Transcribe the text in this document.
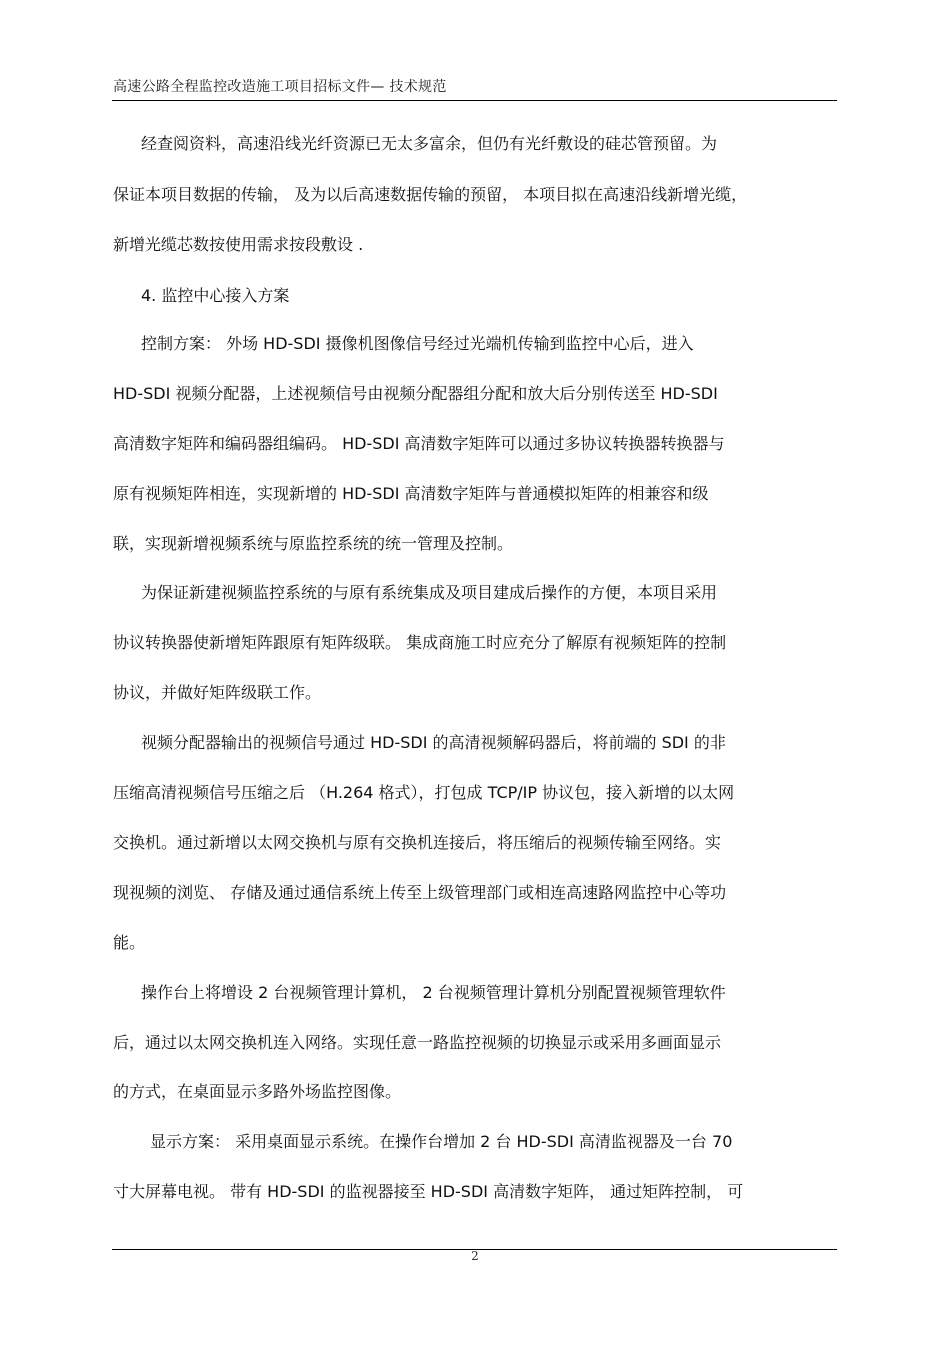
高速公路全程监控改造施工项目招标文件— 技术规范
经查阅资料，高速沿线光纤资源已无太多富余，但仍有光纤敷设的硅芯管预留。为
保证本项目数据的传输， 及为以后高速数据传输的预留， 本项目拟在高速沿线新增光缆，
新增光缆芯数按使用需求按段敷设 .
4. 监控中心接入方案
控制方案： 外场 HD-SDI 摄像机图像信号经过光端机传输到监控中心后，进入
HD-SDI 视频分配器，上述视频信号由视频分配器组分配和放大后分别传送至 HD-SDI
高清数字矩阵和编码器组编码。 HD-SDI 高清数字矩阵可以通过多协议转换器转换器与
原有视频矩阵相连，实现新增的 HD-SDI 高清数字矩阵与普通模拟矩阵的相兼容和级
联，实现新增视频系统与原监控系统的统一管理及控制。
为保证新建视频监控系统的与原有系统集成及项目建成后操作的方便，本项目采用
协议转换器使新增矩阵跟原有矩阵级联。 集成商施工时应充分了解原有视频矩阵的控制
协议，并做好矩阵级联工作。
视频分配器输出的视频信号通过 HD-SDI 的高清视频解码器后，将前端的 SDI 的非
压缩高清视频信号压缩之后 （H.264 格式），打包成 TCP/IP 协议包，接入新增的以太网
交换机。通过新增以太网交换机与原有交换机连接后，将压缩后的视频传输至网络。实
现视频的浏览、 存储及通过通信系统上传至上级管理部门或相连高速路网监控中心等功
能。
操作台上将增设 2 台视频管理计算机， 2 台视频管理计算机分别配置视频管理软件
后，通过以太网交换机连入网络。实现任意一路监控视频的切换显示或采用多画面显示
的方式，在桌面显示多路外场监控图像。
显示方案： 采用桌面显示系统。在操作台增加 2 台 HD-SDI 高清监视器及一台 70
寸大屏幕电视。 带有 HD-SDI 的监视器接至 HD-SDI 高清数字矩阵， 通过矩阵控制， 可
2
